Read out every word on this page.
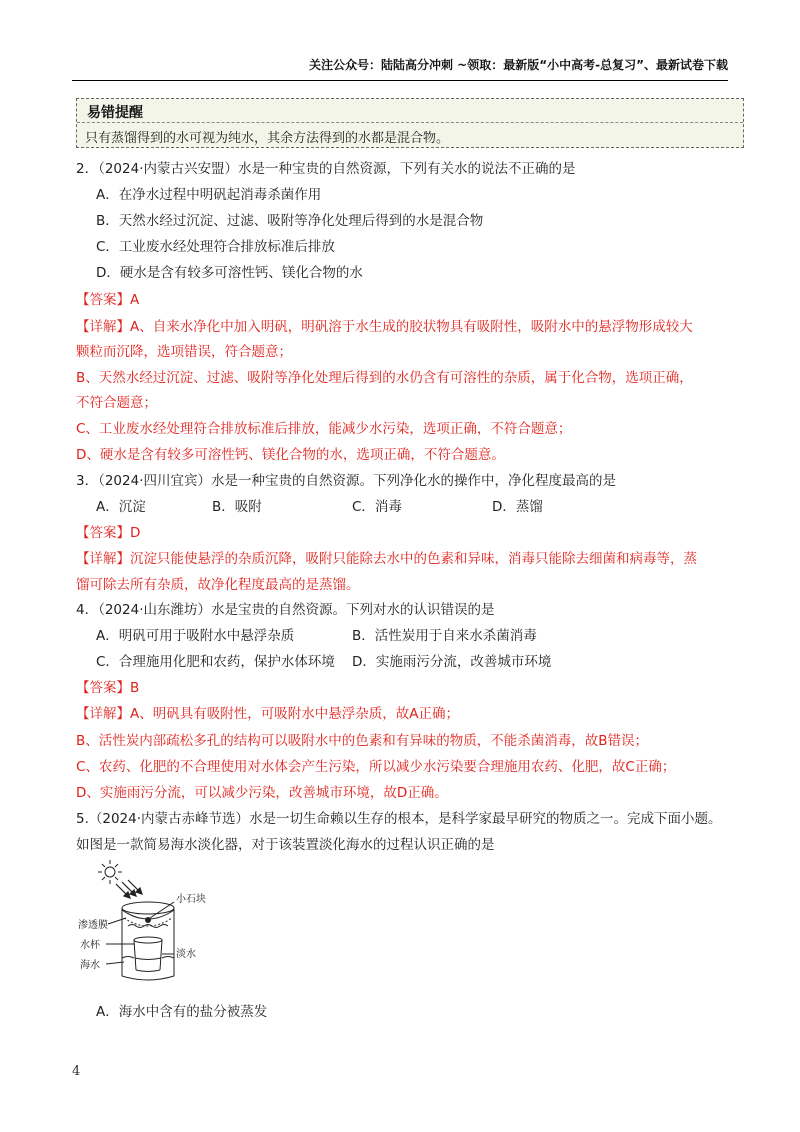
关注公众号：陆陆高分冲刺 ~领取：最新版“小中高考-总复习”、最新试卷下载
易错提醒
只有蒸馏得到的水可视为纯水，其余方法得到的水都是混合物。
2．（2024·内蒙古兴安盟）水是一种宝贵的自然资源，下列有关水的说法不正确的是
A．在净水过程中明矾起消毒杀菌作用
B．天然水经过沉淀、过滤、吸附等净化处理后得到的水是混合物
C．工业废水经处理符合排放标准后排放
D．硬水是含有较多可溶性钙、镁化合物的水
【答案】A
【详解】A、自来水净化中加入明矾，明矾溶于水生成的胶状物具有吸附性，吸附水中的悬浮物形成较大
颗粒而沉降，选项错误，符合题意；
B、天然水经过沉淀、过滤、吸附等净化处理后得到的水仍含有可溶性的杂质，属于化合物，选项正确，
不符合题意；
C、工业废水经处理符合排放标准后排放，能减少水污染，选项正确，不符合题意；
D、硬水是含有较多可溶性钙、镁化合物的水，选项正确，不符合题意。
3．（2024·四川宜宾）水是一种宝贵的自然资源。下列净化水的操作中，净化程度最高的是
A．沉淀	B．吸附	C．消毒	D．蒸馏
【答案】D
【详解】沉淀只能使悬浮的杂质沉降，吸附只能除去水中的色素和异味，消毒只能除去细菌和病毒等，蒸
馏可除去所有杂质，故净化程度最高的是蒸馏。
4．（2024·山东潍坊）水是宝贵的自然资源。下列对水的认识错误的是
A．明矾可用于吸附水中悬浮杂质	B．活性炭用于自来水杀菌消毒
C．合理施用化肥和农药，保护水体环境 D．实施雨污分流，改善城市环境
【答案】B
【详解】A、明矾具有吸附性，可吸附水中悬浮杂质，故A正确；
B、活性炭内部疏松多孔的结构可以吸附水中的色素和有异味的物质，不能杀菌消毒，故B错误；
C、农药、化肥的不合理使用对水体会产生污染，所以减少水污染要合理施用农药、化肥，故C正确；
D、实施雨污分流，可以减少污染，改善城市环境，故D正确。
5.（2024·内蒙古赤峰节选）水是一切生命赖以生存的根本，是科学家最早研究的物质之一。完成下面小题。
如图是一款简易海水淡化器，对于该装置淡化海水的过程认识正确的是
小石块
渗透膜
水杯
淡水
海水
A．海水中含有的盐分被蒸发
4
